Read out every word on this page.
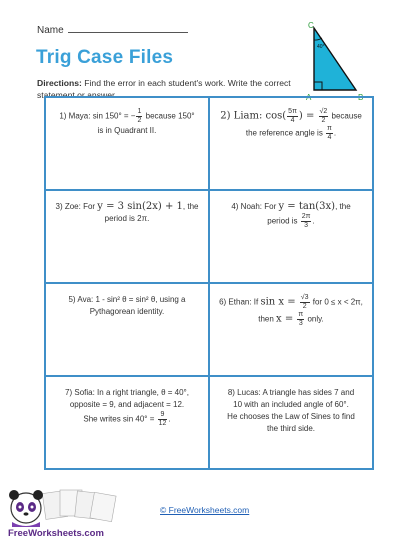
Name
Trig Case Files
Directions: Find the error in each student's work. Write the correct statement or answer.
C
A	B
40°
1) Maya: sin 150° = − $\frac{1}{2}$ because 150°
is in Quadrant II.
2) Liam: $\cos( \frac{5\pi}{4}$ ) = $\frac{√2}{2}$ because
the reference angle is $\frac{\pi}{4}$ .
3) Zoe: For y = 3 sin(2x) + 1, the
period is 2π.
4) Noah: For y = tan(3x), the
period is $\frac{2\pi}{3}$ .
5) Ava: 1 - sin² θ = sin² θ, using a
Pythagorean identity.
6) Ethan: If $\sin x = \frac{√3}{2}$ for 0 ≤ x < 2π,
then $x = \frac{\pi}{3}$ only.
7) Sofia: In a right triangle, θ = 40°,
opposite = 9, and adjacent = 12.
She writes $\sin 40^\circ = \frac{9}{12}$ .
8) Lucas: A triangle has sides 7 and
10 with an included angle of 60°.
He chooses the Law of Sines to find
the third side.
FreeWorksheets.com
© FreeWorksheets.com
